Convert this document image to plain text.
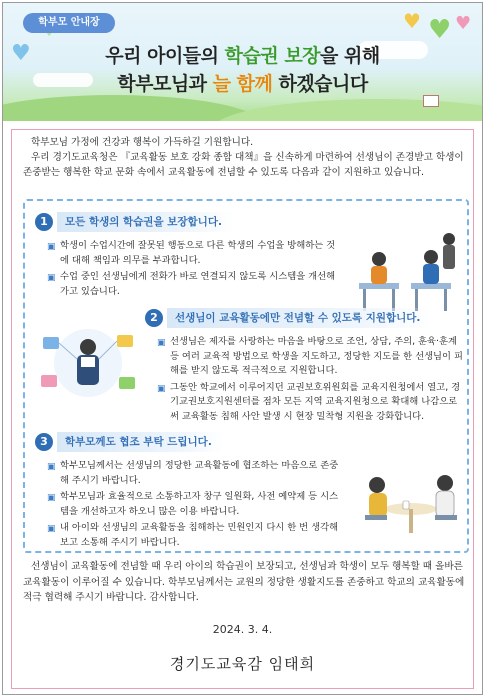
♥
♥ ♥ ♥
학부모 안내장
우리 아이들의 학습권 보장을 위해
학부모님과 늘 함께 하겠습니다

학부모님 가정에 건강과 행복이 가득하길 기원합니다.

우리 경기도교육청은 『교육활동 보호 강화 종합 대책』을 신속하게 마련하여 선생님이 존경받고 학생이 존중받는 행복한 학교 문화 속에서 교육활동에 전념할 수 있도록 다음과 같이 지원하고 있습니다.

1	모든 학생의 학습권을 보장합니다.
▣ 학생이 수업시간에 잘못된 행동으로 다른 학생의 수업을 방해하는 것에 대해 책임과 의무를 부과합니다.
▣ 수업 중인 선생님에게 전화가 바로 연결되지 않도록 시스템을 개선해 가고 있습니다.
2	선생님이 교육활동에만 전념할 수 있도록 지원합니다.
▣ 선생님은 제자를 사랑하는 마음을 바탕으로 조언, 상담, 주의, 훈육·훈계 등 여러 교육적 방법으로 학생을 지도하고, 정당한 지도를 한 선생님이 피해를 받지 않도록 적극적으로 지원합니다.
▣ 그동안 학교에서 이루어지던 교권보호위원회를 교육지원청에서 열고, 경기교권보호지원센터를 점차 모든 지역 교육지원청으로 확대해 나감으로써 교육활동 침해 사안 발생 시 현장 밀착형 지원을 강화합니다.
3	학부모께도 협조 부탁 드립니다.
▣ 학부모님께서는 선생님의 정당한 교육활동에 협조하는 마음으로 존중해 주시기 바랍니다.
▣ 학부모님과 효율적으로 소통하고자 창구 일원화, 사전 예약제 등 시스템을 개선하고자 하오니 많은 이용 바랍니다.
▣ 내 아이와 선생님의 교육활동을 침해하는 민원인지 다시 한 번 생각해 보고 소통해 주시기 바랍니다.

선생님이 교육활동에 전념할 때 우리 아이의 학습권이 보장되고, 선생님과 학생이 모두 행복할 때 올바른 교육활동이 이루어질 수 있습니다. 학부모님께서는 교원의 정당한 생활지도를 존중하고 학교의 교육활동에 적극 협력해 주시기 바랍니다. 감사합니다.

2024. 3. 4.
경기도교육감 임태희
